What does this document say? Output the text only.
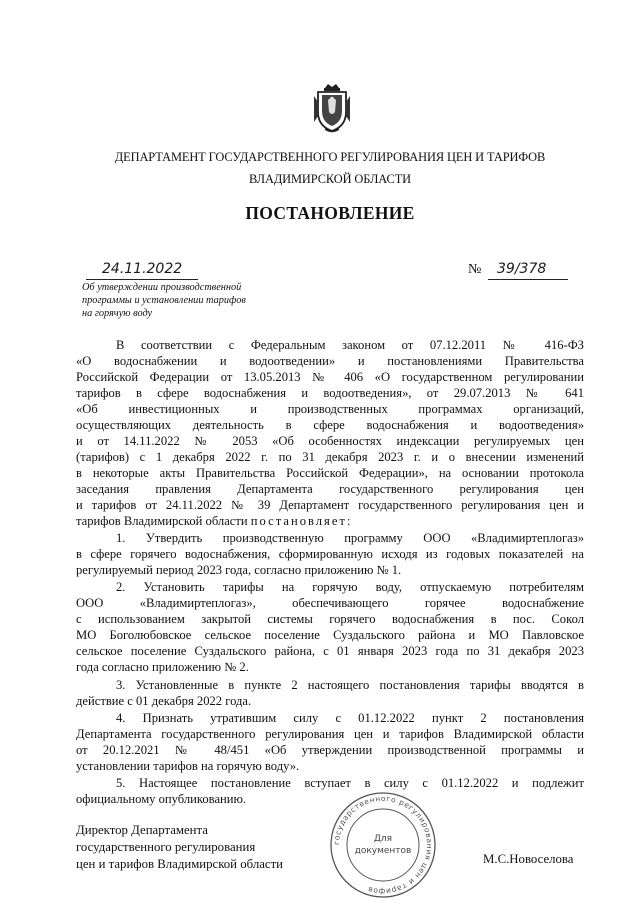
ДЕПАРТАМЕНТ ГОСУДАРСТВЕННОГО РЕГУЛИРОВАНИЯ ЦЕН И ТАРИФОВ
ВЛАДИМИРСКОЙ ОБЛАСТИ
ПОСТАНОВЛЕНИЕ
24.11.2022	№ 39/378
Об утверждении производственной
программы и установлении тарифов
на горячую воду

В соответствии с Федеральным законом от 07.12.2011 № 416-ФЗ

«О водоснабжении и водоотведении» и постановлениями Правительства

Российской Федерации от 13.05.2013 № 406 «О государственном регулировании

тарифов в сфере водоснабжения и водоотведения», от 29.07.2013 № 641

«Об инвестиционных и производственных программах организаций,

осуществляющих деятельность в сфере водоснабжения и водоотведения»

и от 14.11.2022 № 2053 «Об особенностях индексации регулируемых цен

(тарифов) с 1 декабря 2022 г. по 31 декабря 2023 г. и о внесении изменений

в некоторые акты Правительства Российской Федерации», на основании протокола

заседания правления Департамента государственного регулирования цен

и тарифов от 24.11.2022 № 39 Департамент государственного регулирования цен и

тарифов Владимирской области постановляет:

1. Утвердить производственную программу ООО «Владимиртеплогаз»

в сфере горячего водоснабжения, сформированную исходя из годовых показателей на

регулируемый период 2023 года, согласно приложению № 1.

2. Установить тарифы на горячую воду, отпускаемую потребителям

ООО «Владимиртеплогаз», обеспечивающего горячее водоснабжение

с использованием закрытой системы горячего водоснабжения в пос. Сокол

МО Боголюбовское сельское поселение Суздальского района и МО Павловское

сельское поселение Суздальского района, с 01 января 2023 года по 31 декабря 2023

года согласно приложению № 2.

3. Установленные в пункте 2 настоящего постановления тарифы вводятся в

действие с 01 декабря 2022 года.

4. Признать утратившим силу с 01.12.2022 пункт 2 постановления

Департамента государственного регулирования цен и тарифов Владимирской области

от 20.12.2021 № 48/451 «Об утверждении производственной программы и

установлении тарифов на горячую воду».

5. Настоящее постановление вступает в силу с 01.12.2022 и подлежит

официальному опубликованию.

Директор Департамента

государственного регулирования

цен и тарифов Владимирской области	М.С.Новоселова
государственного регулирования цен и тарифов
Для
документов
